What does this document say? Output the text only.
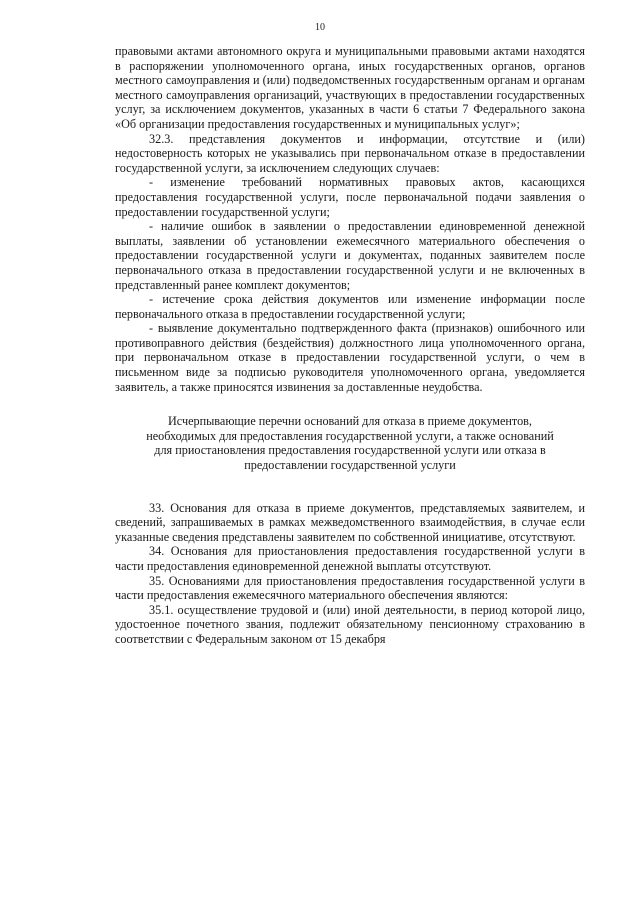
10

правовыми актами автономного округа и муниципальными правовыми актами находятся в распоряжении уполномоченного органа, иных государственных органов, органов местного самоуправления и (или) подведомственных государственным органам и органам местного самоуправления организаций, участвующих в предоставлении государственных услуг, за исключением документов, указанных в части 6 статьи 7 Федерального закона «Об организации предоставления государственных и муниципальных услуг»;

32.3. представления документов и информации, отсутствие и (или) недостоверность которых не указывались при первоначальном отказе в предоставлении государственной услуги, за исключением следующих случаев:

- изменение требований нормативных правовых актов, касающихся предоставления государственной услуги, после первоначальной подачи заявления о предоставлении государственной услуги;

- наличие ошибок в заявлении о предоставлении единовременной денежной выплаты, заявлении об установлении ежемесячного материального обеспечения о предоставлении государственной услуги и документах, поданных заявителем после первоначального отказа в предоставлении государственной услуги и не включенных в представленный ранее комплект документов;

- истечение срока действия документов или изменение информации после первоначального отказа в предоставлении государственной услуги;

- выявление документально подтвержденного факта (признаков) ошибочного или противоправного действия (бездействия) должностного лица уполномоченного органа, при первоначальном отказе в предоставлении государственной услуги, о чем в письменном виде за подписью руководителя уполномоченного органа, уведомляется заявитель, а также приносятся извинения за доставленные неудобства.

Исчерпывающие перечни оснований для отказа в приеме документов,
необходимых для предоставления государственной услуги, а также оснований
для приостановления предоставления государственной услуги или отказа в
предоставлении государственной услуги

33. Основания для отказа в приеме документов, представляемых заявителем, и сведений, запрашиваемых в рамках межведомственного взаимодействия, в случае если указанные сведения представлены заявителем по собственной инициативе, отсутствуют.

34. Основания для приостановления предоставления государственной услуги в части предоставления единовременной денежной выплаты отсутствуют.

35. Основаниями для приостановления предоставления государственной услуги в части предоставления ежемесячного материального обеспечения являются:

35.1. осуществление трудовой и (или) иной деятельности, в период которой лицо, удостоенное почетного звания, подлежит обязательному пенсионному страхованию в соответствии с Федеральным законом от 15 декабря
